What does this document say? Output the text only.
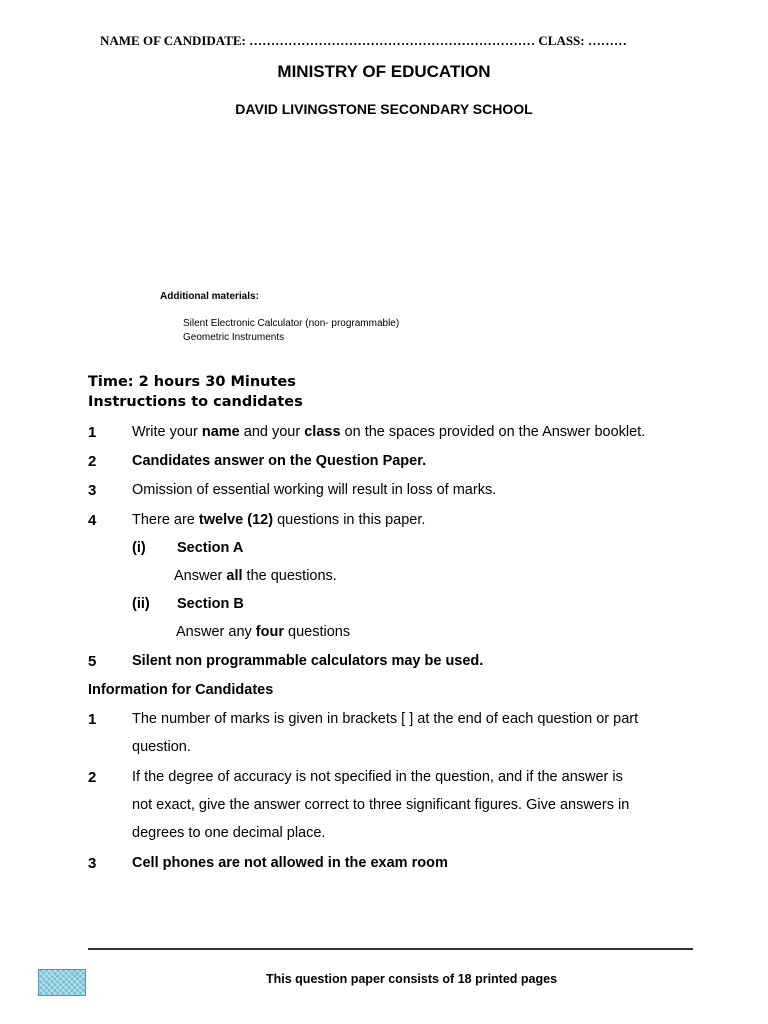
NAME OF CANDIDATE: ………………………………………………………… CLASS: ………
MINISTRY OF EDUCATION
DAVID LIVINGSTONE SECONDARY SCHOOL
Additional materials:
Silent Electronic Calculator (non- programmable)
Geometric Instruments
Time: 2 hours 30 Minutes
Instructions to candidates
1 Write your name and your class on the spaces provided on the Answer booklet.
2 Candidates answer on the Question Paper.
3 Omission of essential working will result in loss of marks.
4 There are twelve (12) questions in this paper.
(i) Section A
Answer all the questions.
(ii) Section B
Answer any four questions
5 Silent non programmable calculators may be used.
Information for Candidates
1 The number of marks is given in brackets [ ] at the end of each question or part
question.
2 If the degree of accuracy is not specified in the question, and if the answer is
not exact, give the answer correct to three significant figures. Give answers in
degrees to one decimal place.
3 Cell phones are not allowed in the exam room
This question paper consists of 18 printed pages
